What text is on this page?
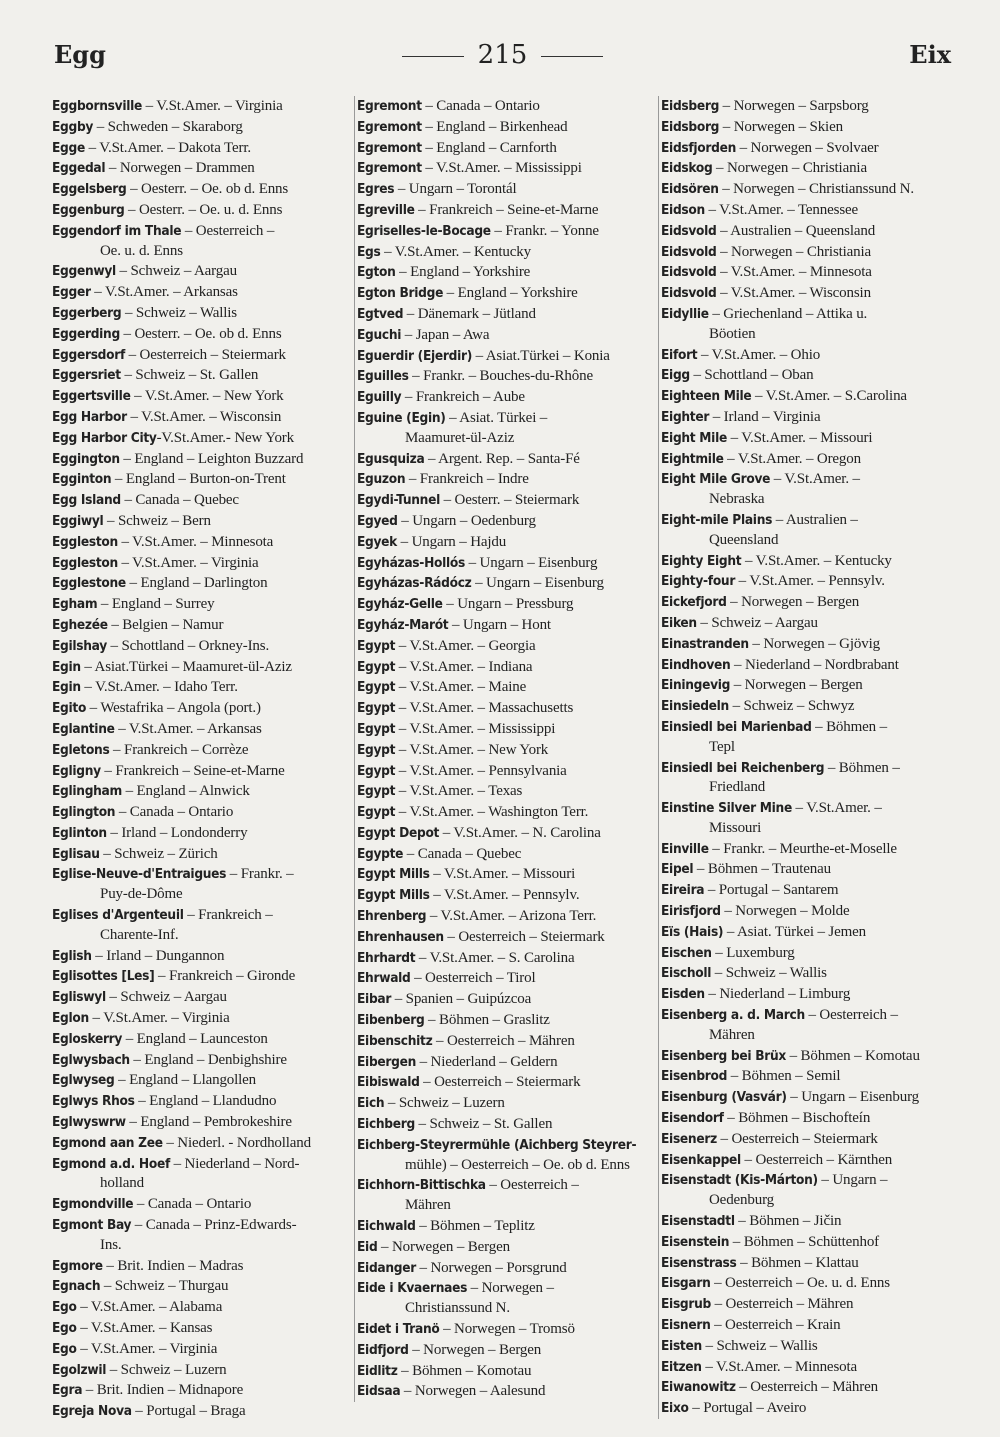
Egg	215	Eix
Eggbornsville – V.St.Amer. – Virginia
Eggby – Schweden – Skaraborg
Egge – V.St.Amer. – Dakota Terr.
Eggedal – Norwegen – Drammen
Eggelsberg – Oesterr. – Oe. ob d. Enns
Eggenburg – Oesterr. – Oe. u. d. Enns
Eggendorf im Thale – Oesterreich –
Oe. u. d. Enns
Eggenwyl – Schweiz – Aargau
Egger – V.St.Amer. – Arkansas
Eggerberg – Schweiz – Wallis
Eggerding – Oesterr. – Oe. ob d. Enns
Eggersdorf – Oesterreich – Steiermark
Eggersriet – Schweiz – St. Gallen
Eggertsville – V.St.Amer. – New York
Egg Harbor – V.St.Amer. – Wisconsin
Egg Harbor City-V.St.Amer.- New York
Eggington – England – Leighton Buzzard
Egginton – England – Burton-on-Trent
Egg Island – Canada – Quebec
Eggiwyl – Schweiz – Bern
Eggleston – V.St.Amer. – Minnesota
Eggleston – V.St.Amer. – Virginia
Egglestone – England – Darlington
Egham – England – Surrey
Eghezée – Belgien – Namur
Egilshay – Schottland – Orkney-Ins.
Egin – Asiat.Türkei – Maamuret-ül-Aziz
Egin – V.St.Amer. – Idaho Terr.
Egito – Westafrika – Angola (port.)
Eglantine – V.St.Amer. – Arkansas
Egletons – Frankreich – Corrèze
Egligny – Frankreich – Seine-et-Marne
Eglingham – England – Alnwick
Eglington – Canada – Ontario
Eglinton – Irland – Londonderry
Eglisau – Schweiz – Zürich
Eglise-Neuve-d'Entraigues – Frankr. –
Puy-de-Dôme
Eglises d'Argenteuil – Frankreich –
Charente-Inf.
Eglish – Irland – Dungannon
Eglisottes [Les] – Frankreich – Gironde
Egliswyl – Schweiz – Aargau
Eglon – V.St.Amer. – Virginia
Egloskerry – England – Launceston
Eglwysbach – England – Denbighshire
Eglwyseg – England – Llangollen
Eglwys Rhos – England – Llandudno
Eglwyswrw – England – Pembrokeshire
Egmond aan Zee – Niederl. - Nordholland
Egmond a.d. Hoef – Niederland – Nord-
holland
Egmondville – Canada – Ontario
Egmont Bay – Canada – Prinz-Edwards-
Ins.
Egmore – Brit. Indien – Madras
Egnach – Schweiz – Thurgau
Ego – V.St.Amer. – Alabama
Ego – V.St.Amer. – Kansas
Ego – V.St.Amer. – Virginia
Egolzwil – Schweiz – Luzern
Egra – Brit. Indien – Midnapore
Egreja Nova – Portugal – Braga
Egremont – Canada – Ontario
Egremont – England – Birkenhead
Egremont – England – Carnforth
Egremont – V.St.Amer. – Mississippi
Egres – Ungarn – Torontál
Egreville – Frankreich – Seine-et-Marne
Egriselles-le-Bocage – Frankr. – Yonne
Egs – V.St.Amer. – Kentucky
Egton – England – Yorkshire
Egton Bridge – England – Yorkshire
Egtved – Dänemark – Jütland
Eguchi – Japan – Awa
Eguerdir (Ejerdir) – Asiat.Türkei – Konia
Eguilles – Frankr. – Bouches-du-Rhône
Eguilly – Frankreich – Aube
Eguine (Egin) – Asiat. Türkei –
Maamuret-ül-Aziz
Egusquiza – Argent. Rep. – Santa-Fé
Eguzon – Frankreich – Indre
Egydi-Tunnel – Oesterr. – Steiermark
Egyed – Ungarn – Oedenburg
Egyek – Ungarn – Hajdu
Egyházas-Hollós – Ungarn – Eisenburg
Egyházas-Rádócz – Ungarn – Eisenburg
Egyház-Gelle – Ungarn – Pressburg
Egyház-Marót – Ungarn – Hont
Egypt – V.St.Amer. – Georgia
Egypt – V.St.Amer. – Indiana
Egypt – V.St.Amer. – Maine
Egypt – V.St.Amer. – Massachusetts
Egypt – V.St.Amer. – Mississippi
Egypt – V.St.Amer. – New York
Egypt – V.St.Amer. – Pennsylvania
Egypt – V.St.Amer. – Texas
Egypt – V.St.Amer. – Washington Terr.
Egypt Depot – V.St.Amer. – N. Carolina
Egypte – Canada – Quebec
Egypt Mills – V.St.Amer. – Missouri
Egypt Mills – V.St.Amer. – Pennsylv.
Ehrenberg – V.St.Amer. – Arizona Terr.
Ehrenhausen – Oesterreich – Steiermark
Ehrhardt – V.St.Amer. – S. Carolina
Ehrwald – Oesterreich – Tirol
Eibar – Spanien – Guipúzcoa
Eibenberg – Böhmen – Graslitz
Eibenschitz – Oesterreich – Mähren
Eibergen – Niederland – Geldern
Eibiswald – Oesterreich – Steiermark
Eich – Schweiz – Luzern
Eichberg – Schweiz – St. Gallen
Eichberg-Steyrermühle (Aichberg Steyrer-
mühle) – Oesterreich – Oe. ob d. Enns
Eichhorn-Bittischka – Oesterreich –
Mähren
Eichwald – Böhmen – Teplitz
Eid – Norwegen – Bergen
Eidanger – Norwegen – Porsgrund
Eide i Kvaernaes – Norwegen –
Christianssund N.
Eidet i Tranö – Norwegen – Tromsö
Eidfjord – Norwegen – Bergen
Eidlitz – Böhmen – Komotau
Eidsaa – Norwegen – Aalesund
Eidsberg – Norwegen – Sarpsborg
Eidsborg – Norwegen – Skien
Eidsfjorden – Norwegen – Svolvaer
Eidskog – Norwegen – Christiania
Eidsören – Norwegen – Christianssund N.
Eidson – V.St.Amer. – Tennessee
Eidsvold – Australien – Queensland
Eidsvold – Norwegen – Christiania
Eidsvold – V.St.Amer. – Minnesota
Eidsvold – V.St.Amer. – Wisconsin
Eidyllie – Griechenland – Attika u.
Böotien
Eifort – V.St.Amer. – Ohio
Eigg – Schottland – Oban
Eighteen Mile – V.St.Amer. – S.Carolina
Eighter – Irland – Virginia
Eight Mile – V.St.Amer. – Missouri
Eightmile – V.St.Amer. – Oregon
Eight Mile Grove – V.St.Amer. –
Nebraska
Eight-mile Plains – Australien –
Queensland
Eighty Eight – V.St.Amer. – Kentucky
Eighty-four – V.St.Amer. – Pennsylv.
Eickefjord – Norwegen – Bergen
Eiken – Schweiz – Aargau
Einastranden – Norwegen – Gjövig
Eindhoven – Niederland – Nordbrabant
Einingevig – Norwegen – Bergen
Einsiedeln – Schweiz – Schwyz
Einsiedl bei Marienbad – Böhmen –
Tepl
Einsiedl bei Reichenberg – Böhmen –
Friedland
Einstine Silver Mine – V.St.Amer. –
Missouri
Einville – Frankr. – Meurthe-et-Moselle
Eipel – Böhmen – Trautenau
Eireira – Portugal – Santarem
Eirisfjord – Norwegen – Molde
Eïs (Hais) – Asiat. Türkei – Jemen
Eischen – Luxemburg
Eischoll – Schweiz – Wallis
Eisden – Niederland – Limburg
Eisenberg a. d. March – Oesterreich –
Mähren
Eisenberg bei Brüx – Böhmen – Komotau
Eisenbrod – Böhmen – Semil
Eisenburg (Vasvár) – Ungarn – Eisenburg
Eisendorf – Böhmen – Bischofteín
Eisenerz – Oesterreich – Steiermark
Eisenkappel – Oesterreich – Kärnthen
Eisenstadt (Kis-Márton) – Ungarn –
Oedenburg
Eisenstadtl – Böhmen – Jičin
Eisenstein – Böhmen – Schüttenhof
Eisenstrass – Böhmen – Klattau
Eisgarn – Oesterreich – Oe. u. d. Enns
Eisgrub – Oesterreich – Mähren
Eisnern – Oesterreich – Krain
Eisten – Schweiz – Wallis
Eitzen – V.St.Amer. – Minnesota
Eiwanowitz – Oesterreich – Mähren
Eixo – Portugal – Aveiro
